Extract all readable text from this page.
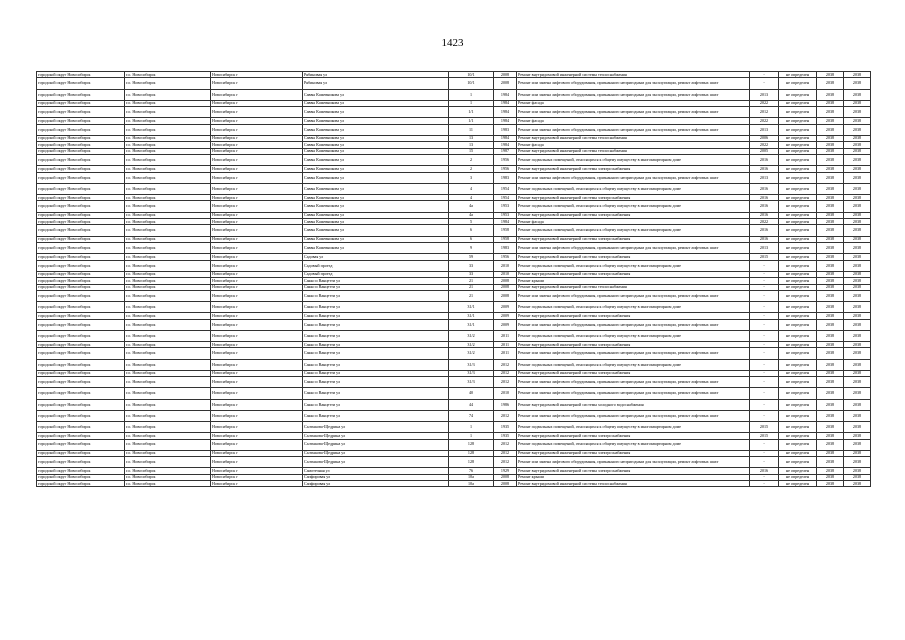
1423
городской округ Новосибирск	г.о. Новосибирск	Новосибирск г	Рябиновая ул	10/1	2008	Ремонт внутридомовой инженерной системы теплоснабжения	-	не определен	2038	2038
городской округ Новосибирск	г.о. Новосибирск	Новосибирск г	Рябиновая ул	10/1	2008	Ремонт или замена лифтового оборудования, признанного непригодным для эксплуатации, ремонт лифтовых шахт	-	не определен	2038	2038
городской округ Новосибирск	г.о. Новосибирск	Новосибирск г	Саввы Кожевникова ул	1	1984	Ремонт или замена лифтового оборудования, признанного непригодным для эксплуатации, ремонт лифтовых шахт	2013	не определен	2038	2038
городской округ Новосибирск	г.о. Новосибирск	Новосибирск г	Саввы Кожевникова ул	1	1984	Ремонт фасада	2022	не определен	2038	2038
городской округ Новосибирск	г.о. Новосибирск	Новосибирск г	Саввы Кожевникова ул	1/1	1984	Ремонт или замена лифтового оборудования, признанного непригодным для эксплуатации, ремонт лифтовых шахт	2012	не определен	2038	2038
городской округ Новосибирск	г.о. Новосибирск	Новосибирск г	Саввы Кожевникова ул	1/1	1984	Ремонт фасада	2022	не определен	2038	2038
городской округ Новосибирск	г.о. Новосибирск	Новосибирск г	Саввы Кожевникова ул	11	1983	Ремонт или замена лифтового оборудования, признанного непригодным для эксплуатации, ремонт лифтовых шахт	2013	не определен	2038	2038
городской округ Новосибирск	г.о. Новосибирск	Новосибирск г	Саввы Кожевникова ул	13	1984	Ремонт внутридомовой инженерной системы теплоснабжения	2006	не определен	2038	2038
городской округ Новосибирск	г.о. Новосибирск	Новосибирск г	Саввы Кожевникова ул	13	1984	Ремонт фасада	2022	не определен	2038	2038
городской округ Новосибирск	г.о. Новосибирск	Новосибирск г	Саввы Кожевникова ул	15	1987	Ремонт внутридомовой инженерной системы теплоснабжения	2005	не определен	2038	2038
городской округ Новосибирск	г.о. Новосибирск	Новосибирск г	Саввы Кожевникова ул	2	1956	Ремонт подвальных помещений, относящихся к общему имуществу в многоквартирном доме	2016	не определен	2038	2038
городской округ Новосибирск	г.о. Новосибирск	Новосибирск г	Саввы Кожевникова ул	2	1956	Ремонт внутридомовой инженерной системы электроснабжения	2016	не определен	2038	2038
городской округ Новосибирск	г.о. Новосибирск	Новосибирск г	Саввы Кожевникова ул	3	1983	Ремонт или замена лифтового оборудования, признанного непригодным для эксплуатации, ремонт лифтовых шахт	2013	не определен	2038	2038
городской округ Новосибирск	г.о. Новосибирск	Новосибирск г	Саввы Кожевникова ул	4	1954	Ремонт подвальных помещений, относящихся к общему имуществу в многоквартирном доме	2016	не определен	2038	2038
городской округ Новосибирск	г.о. Новосибирск	Новосибирск г	Саввы Кожевникова ул	4	1954	Ремонт внутридомовой инженерной системы электроснабжения	2016	не определен	2038	2038
городской округ Новосибирск	г.о. Новосибирск	Новосибирск г	Саввы Кожевникова ул	4а	1953	Ремонт подвальных помещений, относящихся к общему имуществу в многоквартирном доме	2016	не определен	2038	2038
городской округ Новосибирск	г.о. Новосибирск	Новосибирск г	Саввы Кожевникова ул	4а	1953	Ремонт внутридомовой инженерной системы электроснабжения	2016	не определен	2038	2038
городской округ Новосибирск	г.о. Новосибирск	Новосибирск г	Саввы Кожевникова ул	5	1984	Ремонт фасада	2022	не определен	2038	2038
городской округ Новосибирск	г.о. Новосибирск	Новосибирск г	Саввы Кожевникова ул	6	1958	Ремонт подвальных помещений, относящихся к общему имуществу в многоквартирном доме	2016	не определен	2038	2038
городской округ Новосибирск	г.о. Новосибирск	Новосибирск г	Саввы Кожевникова ул	6	1958	Ремонт внутридомовой инженерной системы электроснабжения	2016	не определен	2038	2038
городской округ Новосибирск	г.о. Новосибирск	Новосибирск г	Саввы Кожевникова ул	9	1983	Ремонт или замена лифтового оборудования, признанного непригодным для эксплуатации, ремонт лифтовых шахт	2013	не определен	2038	2038
городской округ Новосибирск	г.о. Новосибирск	Новосибирск г	Садовая ул	59	1956	Ремонт внутридомовой инженерной системы электроснабжения	2015	не определен	2038	2038
городской округ Новосибирск	г.о. Новосибирск	Новосибирск г	Садовый проезд	33	2010	Ремонт подвальных помещений, относящихся к общему имуществу в многоквартирном доме	-	не определен	2038	2038
городской округ Новосибирск	г.о. Новосибирск	Новосибирск г	Садовый проезд	33	2010	Ремонт внутридомовой инженерной системы электроснабжения	-	не определен	2038	2038
городской округ Новосибирск	г.о. Новосибирск	Новосибирск г	Сакко и Ванцетти ул	21	2008	Ремонт крыши	-	не определен	2038	2038
городской округ Новосибирск	г.о. Новосибирск	Новосибирск г	Сакко и Ванцетти ул	21	2008	Ремонт внутридомовой инженерной системы теплоснабжения	-	не определен	2038	2038
городской округ Новосибирск	г.о. Новосибирск	Новосибирск г	Сакко и Ванцетти ул	21	2008	Ремонт или замена лифтового оборудования, признанного непригодным для эксплуатации, ремонт лифтовых шахт	-	не определен	2038	2038
городской округ Новосибирск	г.о. Новосибирск	Новосибирск г	Сакко и Ванцетти ул	31/1	2009	Ремонт подвальных помещений, относящихся к общему имуществу в многоквартирном доме	-	не определен	2038	2038
городской округ Новосибирск	г.о. Новосибирск	Новосибирск г	Сакко и Ванцетти ул	31/1	2009	Ремонт внутридомовой инженерной системы электроснабжения	-	не определен	2038	2038
городской округ Новосибирск	г.о. Новосибирск	Новосибирск г	Сакко и Ванцетти ул	31/1	2009	Ремонт или замена лифтового оборудования, признанного непригодным для эксплуатации, ремонт лифтовых шахт	-	не определен	2038	2038
городской округ Новосибирск	г.о. Новосибирск	Новосибирск г	Сакко и Ванцетти ул	31/2	2011	Ремонт подвальных помещений, относящихся к общему имуществу в многоквартирном доме	-	не определен	2038	2038
городской округ Новосибирск	г.о. Новосибирск	Новосибирск г	Сакко и Ванцетти ул	31/2	2011	Ремонт внутридомовой инженерной системы электроснабжения	-	не определен	2038	2038
городской округ Новосибирск	г.о. Новосибирск	Новосибирск г	Сакко и Ванцетти ул	31/2	2011	Ремонт или замена лифтового оборудования, признанного непригодным для эксплуатации, ремонт лифтовых шахт	-	не определен	2038	2038
городской округ Новосибирск	г.о. Новосибирск	Новосибирск г	Сакко и Ванцетти ул	31/3	2012	Ремонт подвальных помещений, относящихся к общему имуществу в многоквартирном доме	-	не определен	2038	2038
городской округ Новосибирск	г.о. Новосибирск	Новосибирск г	Сакко и Ванцетти ул	31/3	2012	Ремонт внутридомовой инженерной системы электроснабжения	-	не определен	2038	2038
городской округ Новосибирск	г.о. Новосибирск	Новосибирск г	Сакко и Ванцетти ул	31/3	2012	Ремонт или замена лифтового оборудования, признанного непригодным для эксплуатации, ремонт лифтовых шахт	-	не определен	2038	2038
городской округ Новосибирск	г.о. Новосибирск	Новосибирск г	Сакко и Ванцетти ул	40	2010	Ремонт или замена лифтового оборудования, признанного непригодным для эксплуатации, ремонт лифтовых шахт	-	не определен	2038	2038
городской округ Новосибирск	г.о. Новосибирск	Новосибирск г	Сакко и Ванцетти ул	44	1986	Ремонт внутридомовой инженерной системы холодного водоснабжения	-	не определен	2038	2038
городской округ Новосибирск	г.о. Новосибирск	Новосибирск г	Сакко и Ванцетти ул	74	2012	Ремонт или замена лифтового оборудования, признанного непригодным для эксплуатации, ремонт лифтовых шахт	-	не определен	2038	2038
городской округ Новосибирск	г.о. Новосибирск	Новосибирск г	Салтыкова-Щедрина ул	1	1935	Ремонт подвальных помещений, относящихся к общему имуществу в многоквартирном доме	2015	не определен	2038	2038
городской округ Новосибирск	г.о. Новосибирск	Новосибирск г	Салтыкова-Щедрина ул	1	1935	Ремонт внутридомовой инженерной системы электроснабжения	2015	не определен	2038	2038
городской округ Новосибирск	г.о. Новосибирск	Новосибирск г	Салтыкова-Щедрина ул	128	2012	Ремонт подвальных помещений, относящихся к общему имуществу в многоквартирном доме	-	не определен	2038	2038
городской округ Новосибирск	г.о. Новосибирск	Новосибирск г	Салтыкова-Щедрина ул	128	2012	Ремонт внутридомовой инженерной системы электроснабжения	-	не определен	2038	2038
городской округ Новосибирск	г.о. Новосибирск	Новосибирск г	Салтыкова-Щедрина ул	128	2012	Ремонт или замена лифтового оборудования, признанного непригодным для эксплуатации, ремонт лифтовых шахт	-	не определен	2038	2038
городской округ Новосибирск	г.о. Новосибирск	Новосибирск г	Самотечная ул	76	1929	Ремонт внутридомовой инженерной системы электроснабжения	2016	не определен	2038	2038
городской округ Новосибирск	г.о. Новосибирск	Новосибирск г	Сапфировая ул	10а	2008	Ремонт крыши	-	не определен	2038	2038
городской округ Новосибирск	г.о. Новосибирск	Новосибирск г	Сапфировая ул	10а	2008	Ремонт внутридомовой инженерной системы теплоснабжения	-	не определен	2038	2038
